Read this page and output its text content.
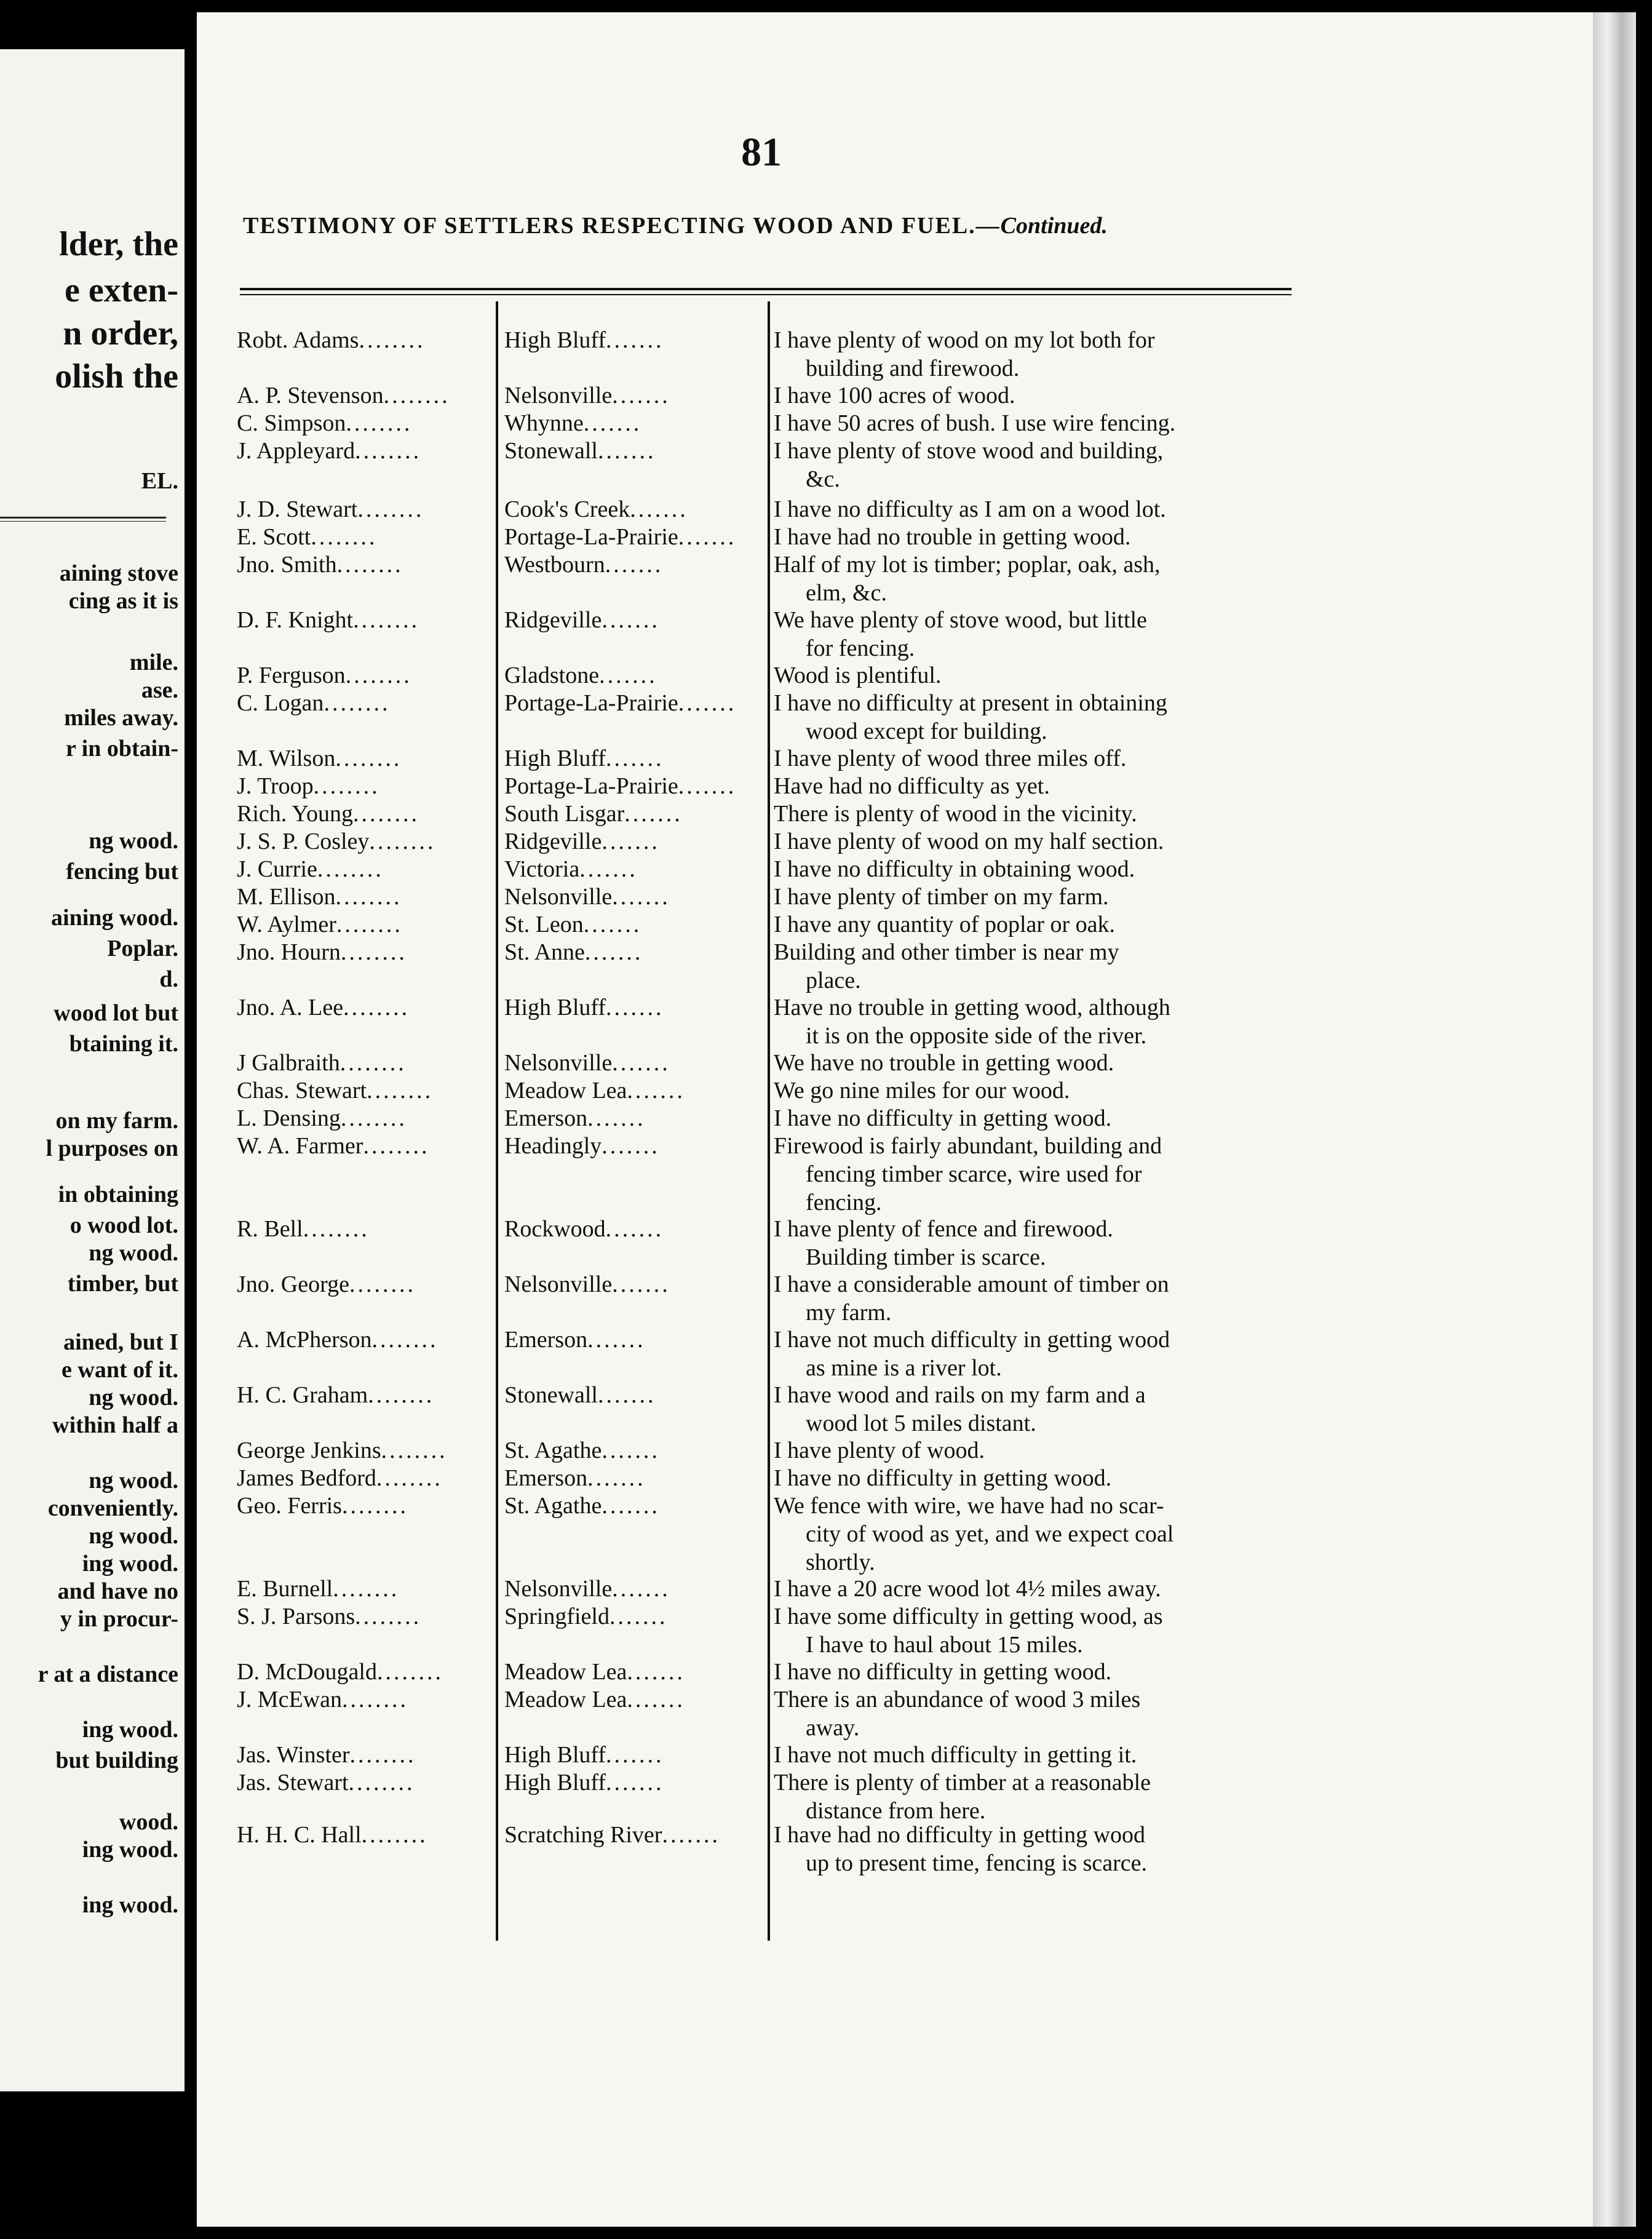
lder, the
e exten-
n order,
olish the
EL.
aining stove
cing as it is
mile.
ase.
miles away.
r in obtain-
ng wood.
fencing but
aining wood.
Poplar.
d.
wood lot but
btaining it.
on my farm.
l purposes on
in obtaining
o wood lot.
ng wood.
timber, but
ained, but I
e want of it.
ng wood.
within half a
ng wood.
conveniently.
ng wood.
ing wood.
and have no
y in procur-
r at a distance
ing wood.
but building
wood.
ing wood.
ing wood.
81
TESTIMONY OF SETTLERS RESPECTING WOOD AND FUEL.—Continued.
Robt. Adams........	High Bluff.......	I have plenty of wood on my lot both for
building and firewood.
A. P. Stevenson........	Nelsonville.......	I have 100 acres of wood.
C. Simpson........	Whynne.......	I have 50 acres of bush. I use wire fencing.
J. Appleyard........	Stonewall.......	I have plenty of stove wood and building,
&c.
J. D. Stewart........	Cook's Creek.......	I have no difficulty as I am on a wood lot.
E. Scott........	Portage-La-Prairie.......	I have had no trouble in getting wood.
Jno. Smith........	Westbourn.......	Half of my lot is timber; poplar, oak, ash,
elm, &c.
D. F. Knight........	Ridgeville.......	We have plenty of stove wood, but little
for fencing.
P. Ferguson........	Gladstone.......	Wood is plentiful.
C. Logan........	Portage-La-Prairie.......	I have no difficulty at present in obtaining
wood except for building.
M. Wilson........	High Bluff.......	I have plenty of wood three miles off.
J. Troop........	Portage-La-Prairie.......	Have had no difficulty as yet.
Rich. Young........	South Lisgar.......	There is plenty of wood in the vicinity.
J. S. P. Cosley........	Ridgeville.......	I have plenty of wood on my half section.
J. Currie........	Victoria.......	I have no difficulty in obtaining wood.
M. Ellison........	Nelsonville.......	I have plenty of timber on my farm.
W. Aylmer........	St. Leon.......	I have any quantity of poplar or oak.
Jno. Hourn........	St. Anne.......	Building and other timber is near my
place.
Jno. A. Lee........	High Bluff.......	Have no trouble in getting wood, although
it is on the opposite side of the river.
J Galbraith........	Nelsonville.......	We have no trouble in getting wood.
Chas. Stewart........	Meadow Lea.......	We go nine miles for our wood.
L. Densing........	Emerson.......	I have no difficulty in getting wood.
W. A. Farmer........	Headingly.......	Firewood is fairly abundant, building and
fencing timber scarce, wire used for
fencing.
R. Bell........	Rockwood.......	I have plenty of fence and firewood.
Building timber is scarce.
Jno. George........	Nelsonville.......	I have a considerable amount of timber on
my farm.
A. McPherson........	Emerson.......	I have not much difficulty in getting wood
as mine is a river lot.
H. C. Graham........	Stonewall.......	I have wood and rails on my farm and a
wood lot 5 miles distant.
George Jenkins........	St. Agathe.......	I have plenty of wood.
James Bedford........	Emerson.......	I have no difficulty in getting wood.
Geo. Ferris........	St. Agathe.......	We fence with wire, we have had no scar-
city of wood as yet, and we expect coal
shortly.
E. Burnell........	Nelsonville.......	I have a 20 acre wood lot 4½ miles away.
S. J. Parsons........	Springfield.......	I have some difficulty in getting wood, as
I have to haul about 15 miles.
D. McDougald........	Meadow Lea.......	I have no difficulty in getting wood.
J. McEwan........	Meadow Lea.......	There is an abundance of wood 3 miles
away.
Jas. Winster........	High Bluff.......	I have not much difficulty in getting it.
Jas. Stewart........	High Bluff.......	There is plenty of timber at a reasonable
distance from here.
H. H. C. Hall........	Scratching River.......	I have had no difficulty in getting wood
up to present time, fencing is scarce.
